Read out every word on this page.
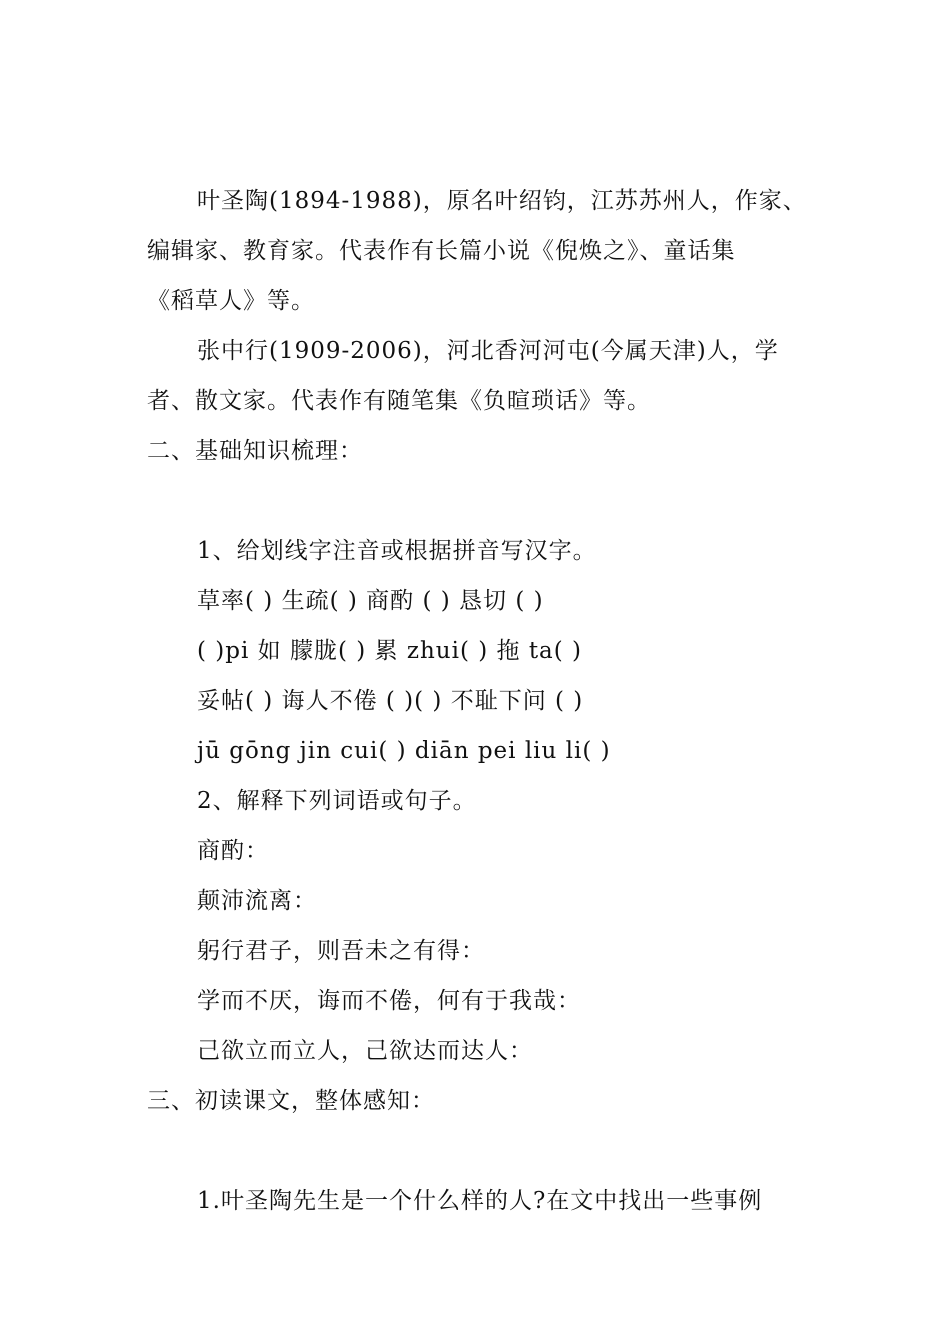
叶圣陶(1894-1988)，原名叶绍钧，江苏苏州人，作家、
编辑家、教育家。代表作有长篇小说《倪焕之》、童话集
《稻草人》等。
张中行(1909-2006)，河北香河河屯(今属天津)人，学
者、散文家。代表作有随笔集《负暄琐话》等。
二、基础知识梳理：
1、给划线字注音或根据拼音写汉字。
草率( ) 生疏( ) 商酌 ( ) 恳切 ( )
( )pi 如 朦胧( ) 累 zhui( ) 拖 ta( )
妥帖( ) 诲人不倦 ( )( ) 不耻下问 ( )
jū gōng jin cui( ) diān pei liu li( )
2、解释下列词语或句子。
商酌：
颠沛流离：
躬行君子，则吾未之有得：
学而不厌，诲而不倦，何有于我哉：
己欲立而立人，己欲达而达人：
三、初读课文，整体感知：
1.叶圣陶先生是一个什么样的人?在文中找出一些事例
